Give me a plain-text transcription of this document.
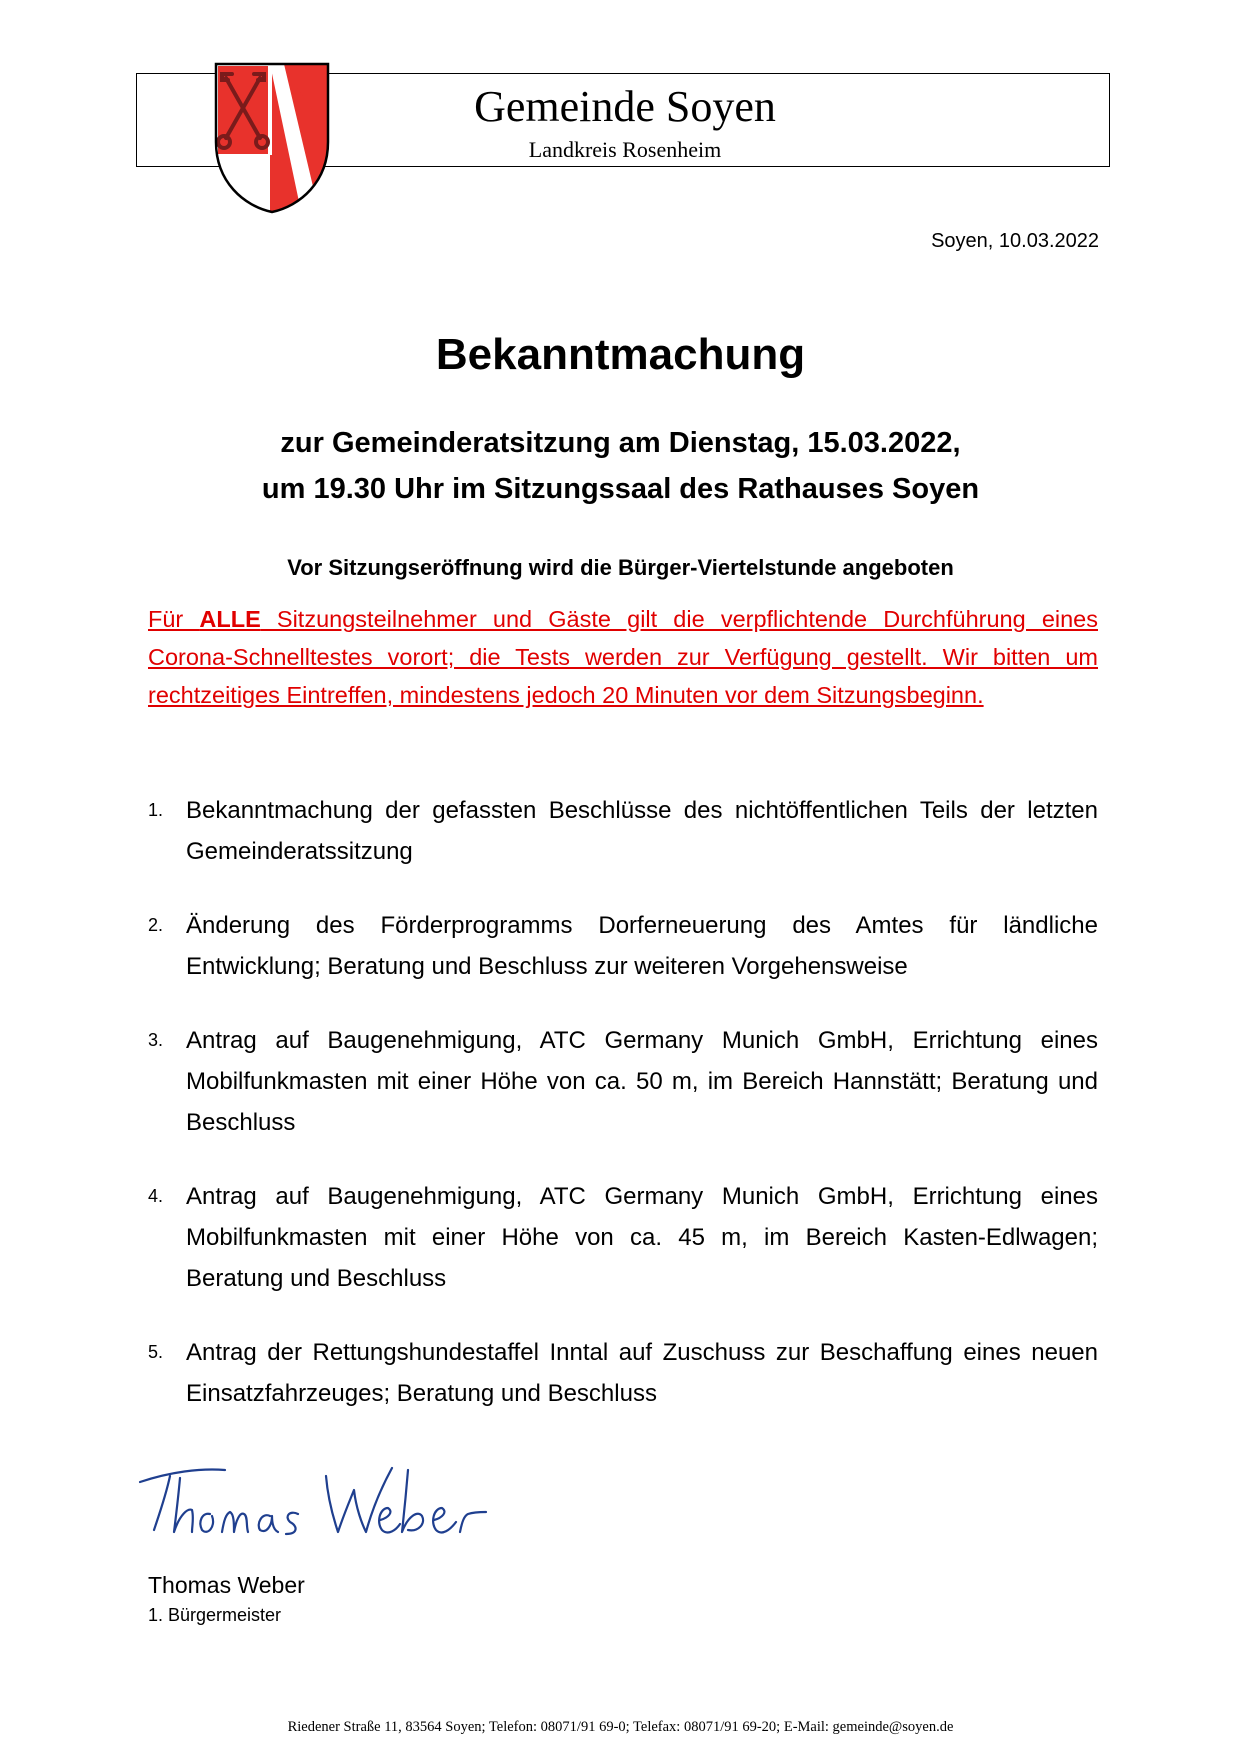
Gemeinde Soyen
Landkreis Rosenheim
Soyen, 10.03.2022
Bekanntmachung
zur Gemeinderatsitzung am Dienstag, 15.03.2022,
um 19.30 Uhr im Sitzungssaal des Rathauses Soyen
Vor Sitzungseröffnung wird die Bürger-Viertelstunde angeboten
Für ALLE Sitzungsteilnehmer und Gäste gilt die verpflichtende Durchführung eines Corona-Schnelltestes vorort; die Tests werden zur Verfügung gestellt. Wir bitten um rechtzeitiges Eintreffen, mindestens jedoch 20 Minuten vor dem Sitzungsbeginn.
1. Bekanntmachung der gefassten Beschlüsse des nichtöffentlichen Teils der letzten Gemeinderatssitzung
2. Änderung des Förderprogramms Dorferneuerung des Amtes für ländliche Entwicklung; Beratung und Beschluss zur weiteren Vorgehensweise
3. Antrag auf Baugenehmigung, ATC Germany Munich GmbH, Errichtung eines Mobilfunkmasten mit einer Höhe von ca. 50 m, im Bereich Hannstätt; Beratung und Beschluss
4. Antrag auf Baugenehmigung, ATC Germany Munich GmbH, Errichtung eines Mobilfunkmasten mit einer Höhe von ca. 45 m, im Bereich Kasten-Edlwagen; Beratung und Beschluss
5. Antrag der Rettungshundestaffel Inntal auf Zuschuss zur Beschaffung eines neuen Einsatzfahrzeuges; Beratung und Beschluss
Thomas Weber
1. Bürgermeister
Riedener Straße 11, 83564 Soyen; Telefon: 08071/91 69-0; Telefax: 08071/91 69-20; E-Mail: gemeinde@soyen.de
